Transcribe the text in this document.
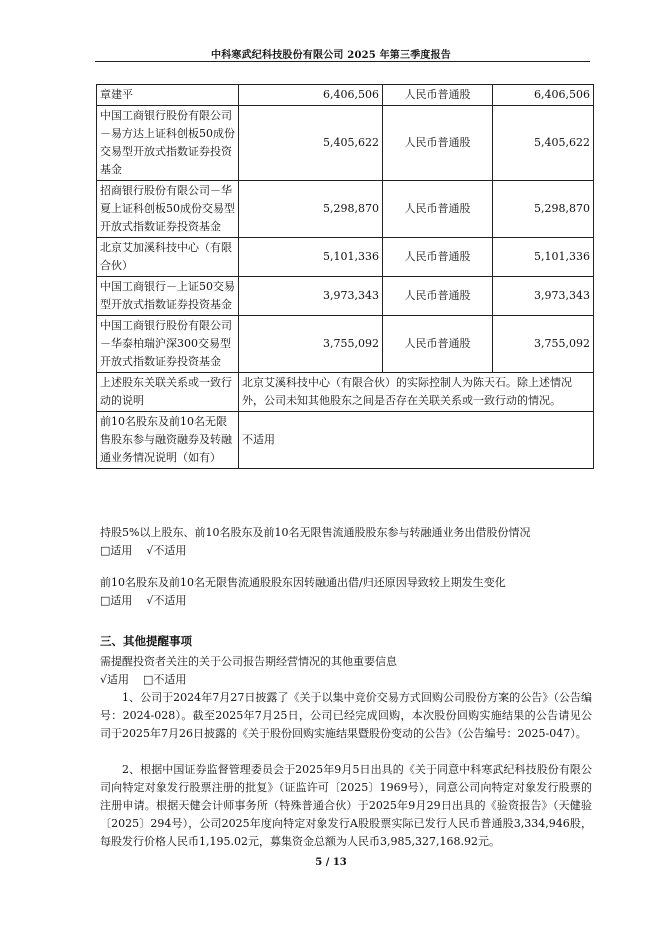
中科寒武纪科技股份有限公司 2025 年第三季度报告
章建平	6,406,506	人民币普通股	6,406,506
中国工商银行股份有限公司－易方达上证科创板50成份交易型开放式指数证券投资基金	5,405,622	人民币普通股	5,405,622
招商银行股份有限公司－华夏上证科创板50成份交易型开放式指数证券投资基金	5,298,870	人民币普通股	5,298,870
北京艾加溪科技中心（有限合伙）	5,101,336	人民币普通股	5,101,336
中国工商银行－上证50交易型开放式指数证券投资基金	3,973,343	人民币普通股	3,973,343
中国工商银行股份有限公司－华泰柏瑞沪深300交易型开放式指数证券投资基金	3,755,092	人民币普通股	3,755,092
上述股东关联关系或一致行动的说明	北京艾溪科技中心（有限合伙）的实际控制人为陈天石。除上述情况外，公司未知其他股东之间是否存在关联关系或一致行动的情况。		
前10名股东及前10名无限售股东参与融资融券及转融通业务情况说明（如有）	不适用		
持股5%以上股东、前10名股东及前10名无限售流通股股东参与转融通业务出借股份情况
□适用 √不适用
前10名股东及前10名无限售流通股股东因转融通出借/归还原因导致较上期发生变化
□适用 √不适用
三、其他提醒事项
需提醒投资者关注的关于公司报告期经营情况的其他重要信息
√适用 □不适用
1、公司于2024年7月27日披露了《关于以集中竞价交易方式回购公司股份方案的公告》（公告编号：2024-028）。截至2025年7月25日，公司已经完成回购，本次股份回购实施结果的公告请见公司于2025年7月26日披露的《关于股份回购实施结果暨股份变动的公告》（公告编号：2025-047）。
2、根据中国证券监督管理委员会于2025年9月5日出具的《关于同意中科寒武纪科技股份有限公司向特定对象发行股票注册的批复》（证监许可〔2025〕1969号），同意公司向特定对象发行股票的注册申请。根据天健会计师事务所（特殊普通合伙）于2025年9月29日出具的《验资报告》（天健验〔2025〕294号），公司2025年度向特定对象发行A股股票实际已发行人民币普通股3,334,946股，每股发行价格人民币1,195.02元，募集资金总额为人民币3,985,327,168.92元。
5 / 13
